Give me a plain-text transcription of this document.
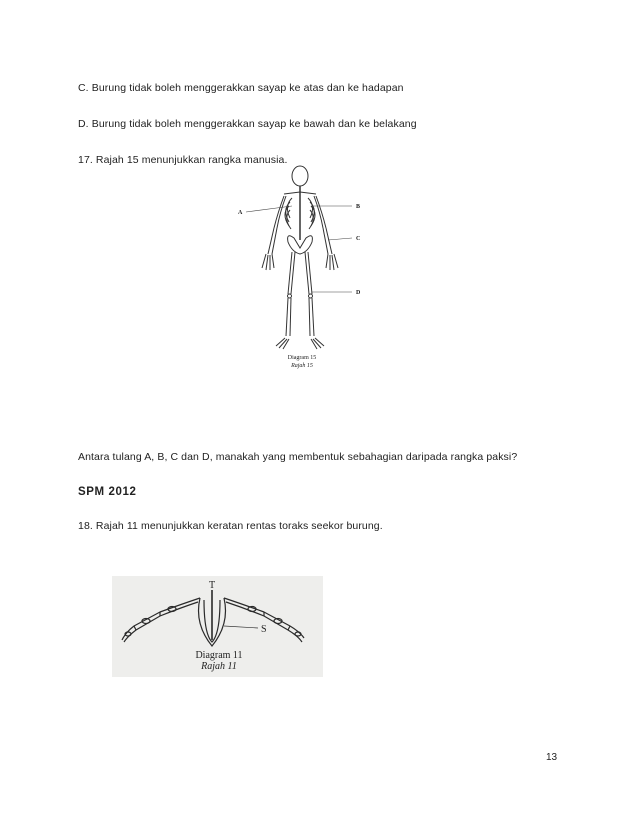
C. Burung tidak boleh menggerakkan sayap ke atas dan ke hadapan
D. Burung tidak boleh menggerakkan sayap ke bawah dan ke belakang
17. Rajah 15 menunjukkan rangka manusia.
A
B
C
D
Diagram 15
Rajah 15
Antara tulang A, B, C dan D, manakah yang membentuk sebahagian daripada rangka paksi?
SPM 2012
18. Rajah 11 menunjukkan keratan rentas toraks seekor burung.
T
S
Diagram 11
Rajah 11
13
